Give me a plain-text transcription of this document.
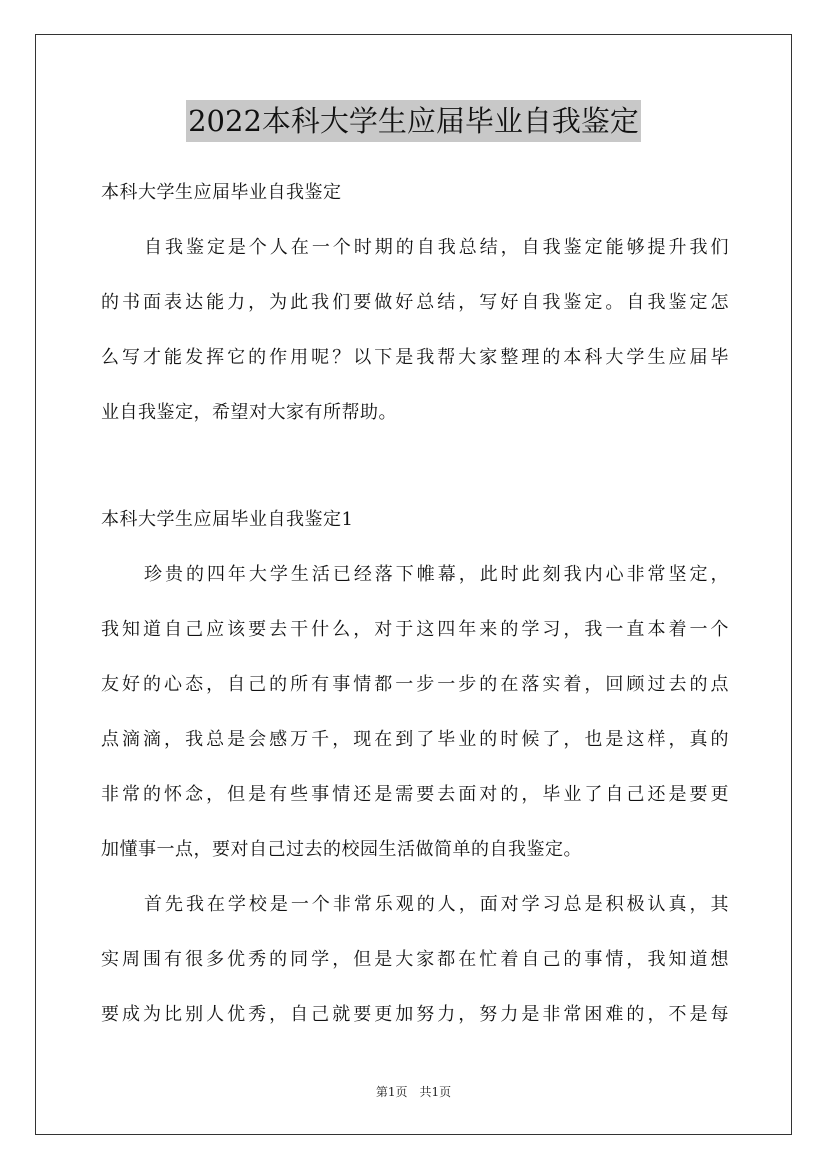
2022本科大学生应届毕业自我鉴定
本科大学生应届毕业自我鉴定
自我鉴定是个人在一个时期的自我总结，自我鉴定能够提升我们
的书面表达能力，为此我们要做好总结，写好自我鉴定。自我鉴定怎
么写才能发挥它的作用呢？以下是我帮大家整理的本科大学生应届毕
业自我鉴定，希望对大家有所帮助。
本科大学生应届毕业自我鉴定1
珍贵的四年大学生活已经落下帷幕，此时此刻我内心非常坚定，
我知道自己应该要去干什么，对于这四年来的学习，我一直本着一个
友好的心态，自己的所有事情都一步一步的在落实着，回顾过去的点
点滴滴，我总是会感万千，现在到了毕业的时候了，也是这样，真的
非常的怀念，但是有些事情还是需要去面对的，毕业了自己还是要更
加懂事一点，要对自己过去的校园生活做简单的自我鉴定。
首先我在学校是一个非常乐观的人，面对学习总是积极认真，其
实周围有很多优秀的同学，但是大家都在忙着自己的事情，我知道想
要成为比别人优秀，自己就要更加努力，努力是非常困难的，不是每
第1页 共1页
